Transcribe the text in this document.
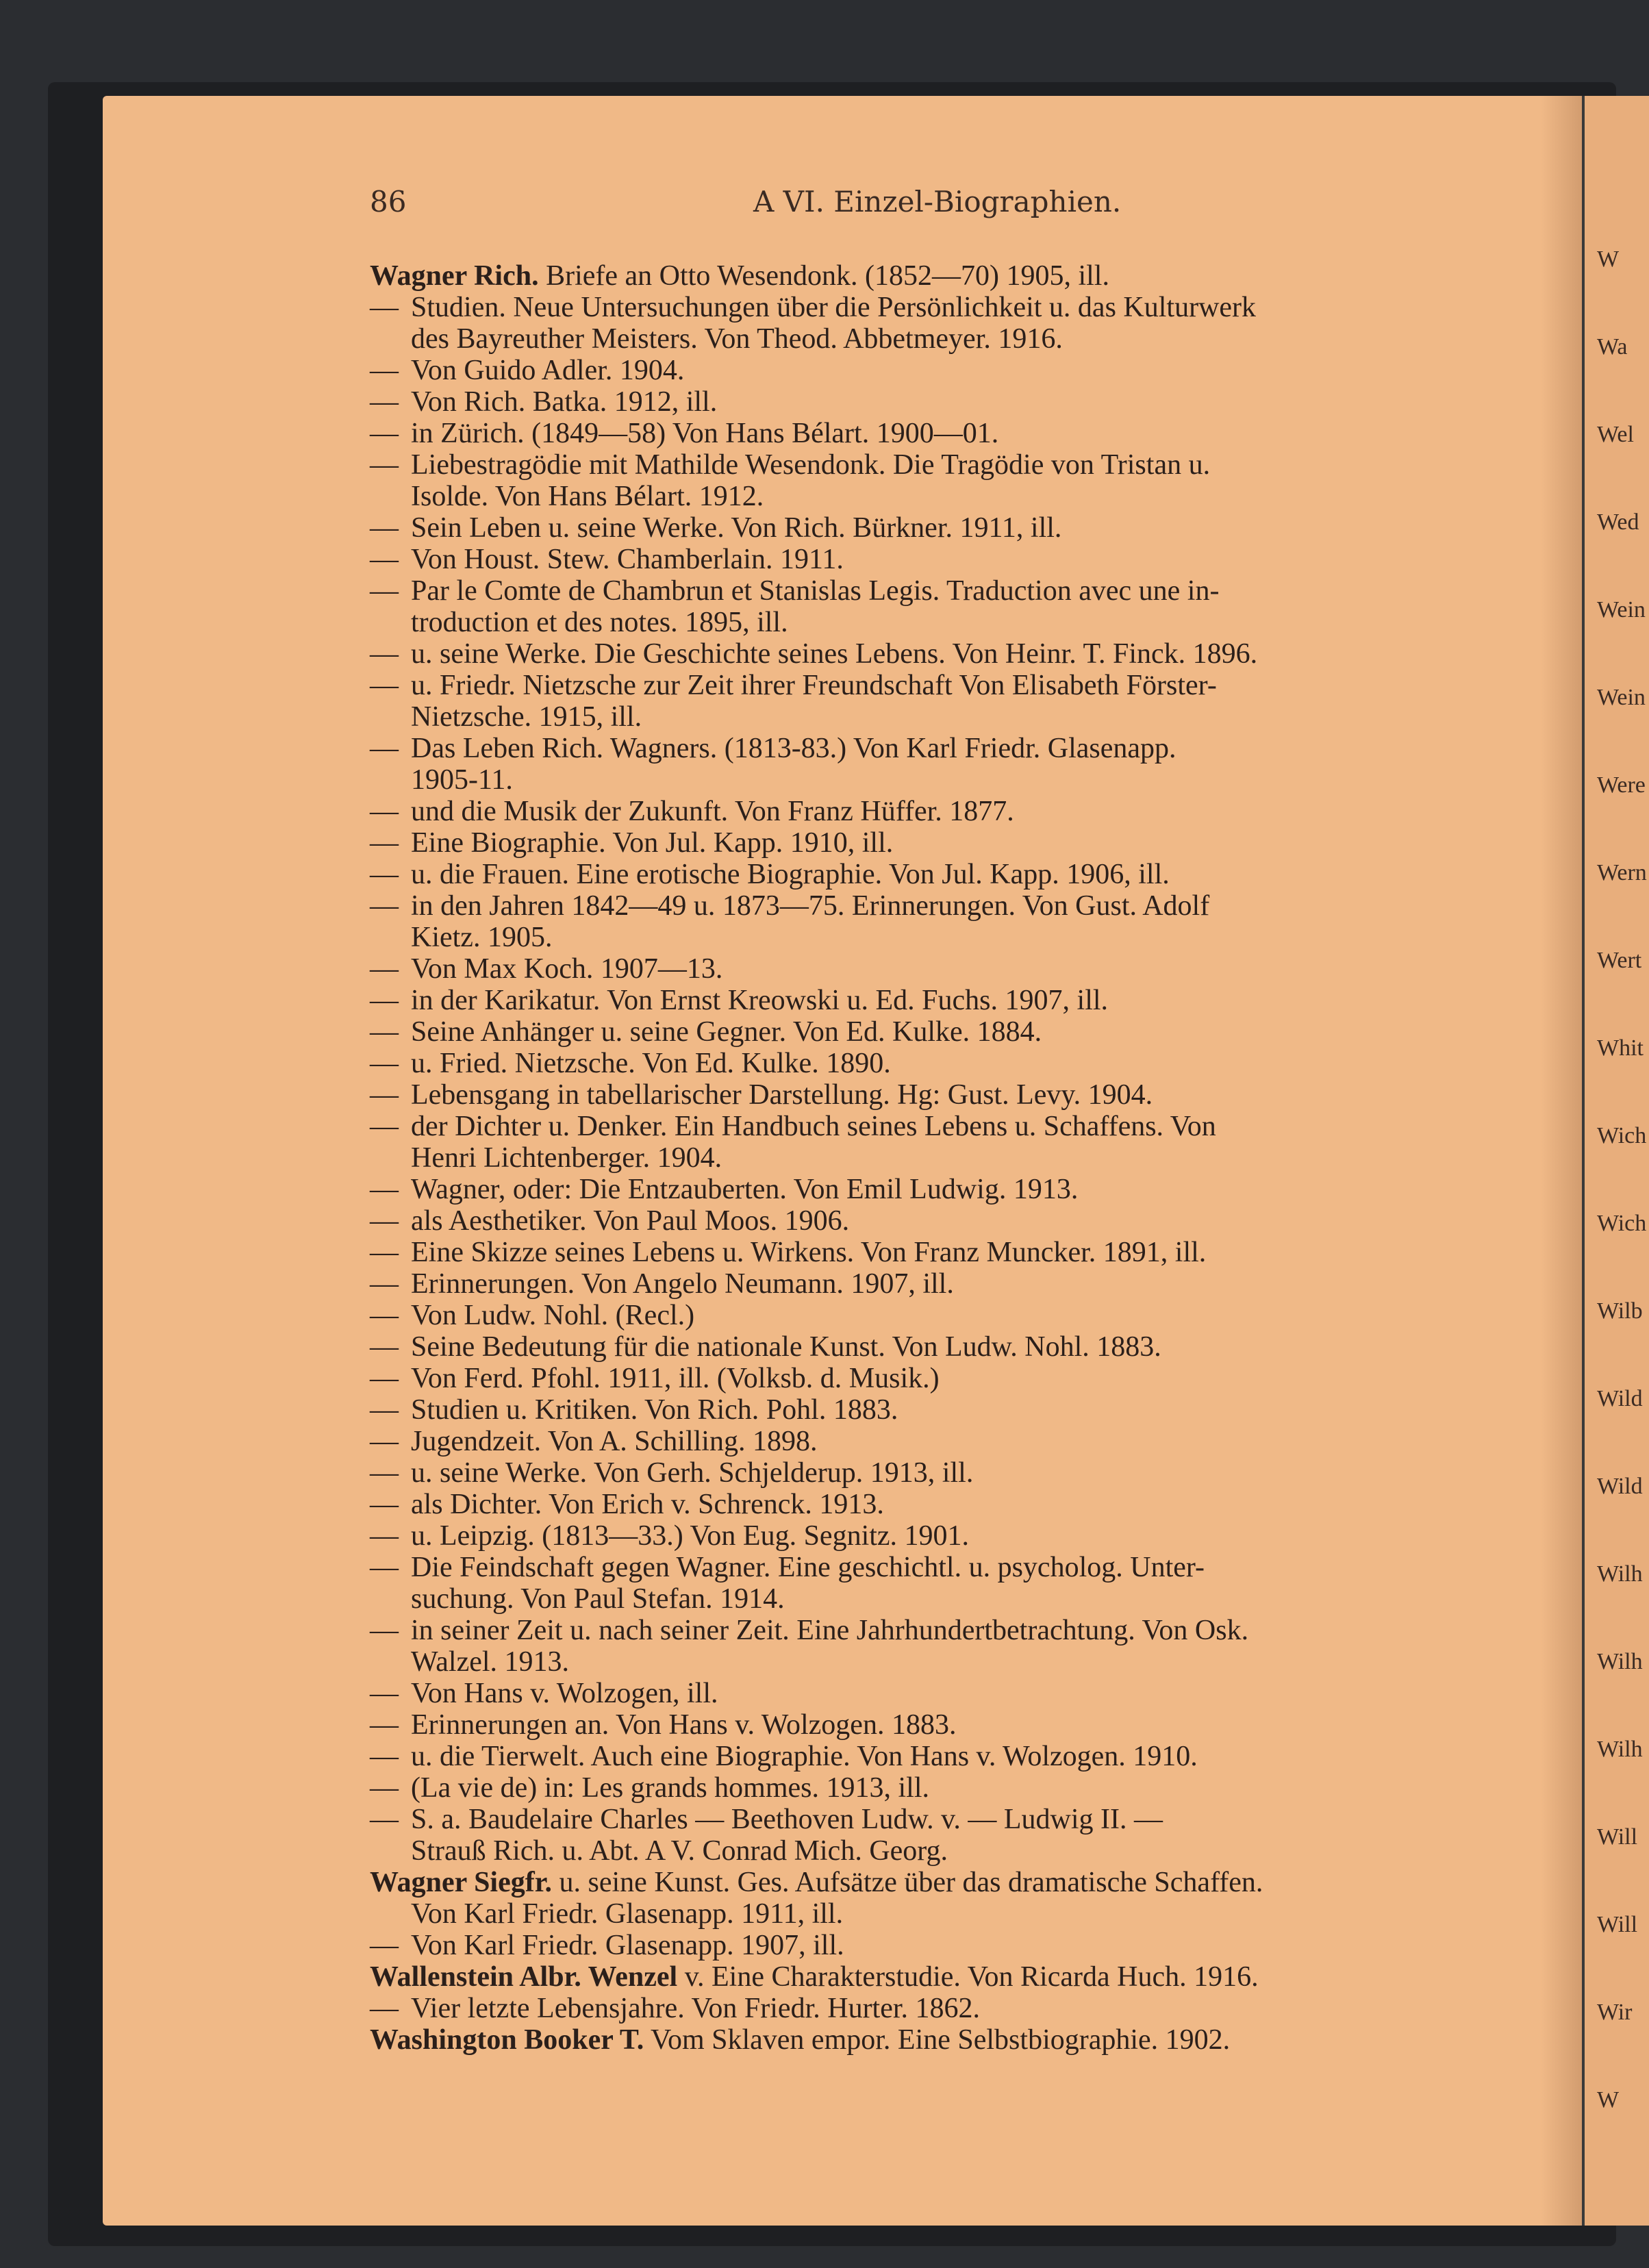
W
Wa
Wel
Wed
Wein
Wein
Were
Wern
Wert
Whit
Wich
Wich
Wilb
Wild
Wild
Wilh
Wilh
Wilh
Will
Will
Wir
W
86	A VI. Einzel-Biographien.

Wagner Rich. Briefe an Otto Wesendonk. (1852—70) 1905, ill.

— Studien. Neue Untersuchungen über die Persönlichkeit u. das Kulturwerk

des Bayreuther Meisters. Von Theod. Abbetmeyer. 1916.

— Von Guido Adler. 1904.

— Von Rich. Batka. 1912, ill.

— in Zürich. (1849—58) Von Hans Bélart. 1900—01.

— Liebestragödie mit Mathilde Wesendonk. Die Tragödie von Tristan u.

Isolde. Von Hans Bélart. 1912.

— Sein Leben u. seine Werke. Von Rich. Bürkner. 1911, ill.

— Von Houst. Stew. Chamberlain. 1911.

— Par le Comte de Chambrun et Stanislas Legis. Traduction avec une in-

troduction et des notes. 1895, ill.

— u. seine Werke. Die Geschichte seines Lebens. Von Heinr. T. Finck. 1896.

— u. Friedr. Nietzsche zur Zeit ihrer Freundschaft Von Elisabeth Förster-

Nietzsche. 1915, ill.

— Das Leben Rich. Wagners. (1813-83.) Von Karl Friedr. Glasenapp.

1905-11.

— und die Musik der Zukunft. Von Franz Hüffer. 1877.

— Eine Biographie. Von Jul. Kapp. 1910, ill.

— u. die Frauen. Eine erotische Biographie. Von Jul. Kapp. 1906, ill.

— in den Jahren 1842—49 u. 1873—75. Erinnerungen. Von Gust. Adolf

Kietz. 1905.

— Von Max Koch. 1907—13.

— in der Karikatur. Von Ernst Kreowski u. Ed. Fuchs. 1907, ill.

— Seine Anhänger u. seine Gegner. Von Ed. Kulke. 1884.

— u. Fried. Nietzsche. Von Ed. Kulke. 1890.

— Lebensgang in tabellarischer Darstellung. Hg: Gust. Levy. 1904.

— der Dichter u. Denker. Ein Handbuch seines Lebens u. Schaffens. Von

Henri Lichtenberger. 1904.

— Wagner, oder: Die Entzauberten. Von Emil Ludwig. 1913.

— als Aesthetiker. Von Paul Moos. 1906.

— Eine Skizze seines Lebens u. Wirkens. Von Franz Muncker. 1891, ill.

— Erinnerungen. Von Angelo Neumann. 1907, ill.

— Von Ludw. Nohl. (Recl.)

— Seine Bedeutung für die nationale Kunst. Von Ludw. Nohl. 1883.

— Von Ferd. Pfohl. 1911, ill. (Volksb. d. Musik.)

— Studien u. Kritiken. Von Rich. Pohl. 1883.

— Jugendzeit. Von A. Schilling. 1898.

— u. seine Werke. Von Gerh. Schjelderup. 1913, ill.

— als Dichter. Von Erich v. Schrenck. 1913.

— u. Leipzig. (1813—33.) Von Eug. Segnitz. 1901.

— Die Feindschaft gegen Wagner. Eine geschichtl. u. psycholog. Unter-

suchung. Von Paul Stefan. 1914.

— in seiner Zeit u. nach seiner Zeit. Eine Jahrhundertbetrachtung. Von Osk.

Walzel. 1913.

— Von Hans v. Wolzogen, ill.

— Erinnerungen an. Von Hans v. Wolzogen. 1883.

— u. die Tierwelt. Auch eine Biographie. Von Hans v. Wolzogen. 1910.

— (La vie de) in: Les grands hommes. 1913, ill.

— S. a. Baudelaire Charles — Beethoven Ludw. v. — Ludwig II. —

Strauß Rich. u. Abt. A V. Conrad Mich. Georg.

Wagner Siegfr. u. seine Kunst. Ges. Aufsätze über das dramatische Schaffen.

Von Karl Friedr. Glasenapp. 1911, ill.

— Von Karl Friedr. Glasenapp. 1907, ill.

Wallenstein Albr. Wenzel v. Eine Charakterstudie. Von Ricarda Huch. 1916.

— Vier letzte Lebensjahre. Von Friedr. Hurter. 1862.

Washington Booker T. Vom Sklaven empor. Eine Selbstbiographie. 1902.
